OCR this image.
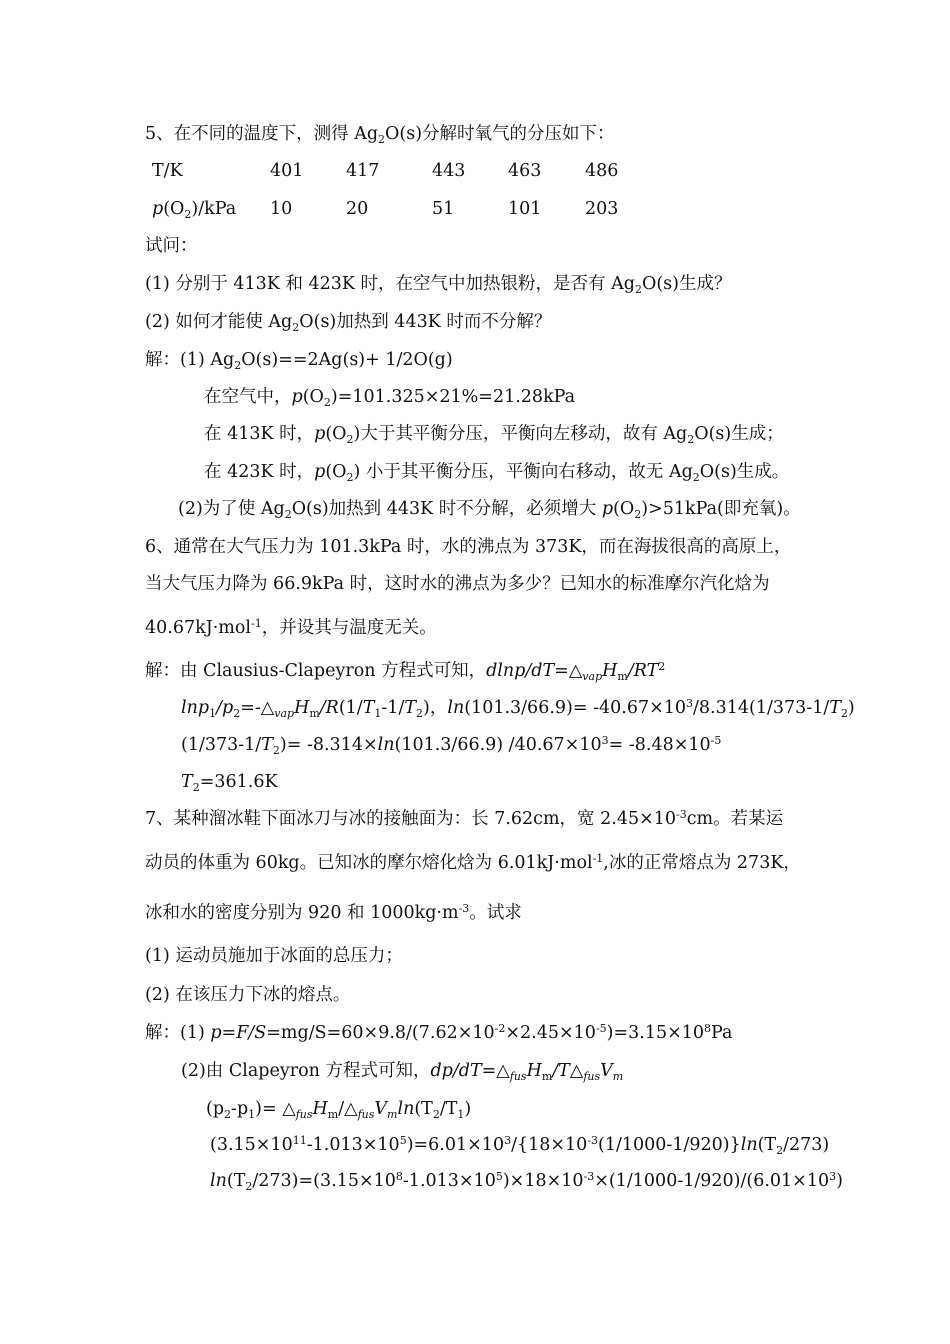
5、在不同的温度下，测得 $Ag_2O(s)$分解时氧气的分压如下：
T/K	401 417	443 463 486
$p(O_2)$/kPa 10	20	51	101 203
试问：
(1) 分别于 413K 和 423K 时，在空气中加热银粉，是否有 $Ag_2O(s)$生成？
(2) 如何才能使 $Ag_2O(s)$加热到 443K 时而不分解？
解：(1) $Ag_2O(s)==2Ag(s)+ 1/2O(g)$
在空气中，$p(O_2)=101.325\times 21\%=21.28kPa$
在 413K 时，$p(O_2)$大于其平衡分压，平衡向左移动，故有 $Ag_2O(s)$生成；
在 423K 时，$p(O_2)$ 小于其平衡分压，平衡向右移动，故无 $Ag_2O(s)$生成。
(2)为了使 $Ag_2O(s)$加热到 443K 时不分解，必须增大 $p(O_2)>51kPa$(即充氧)。
6、通常在大气压力为 101.3kPa 时，水的沸点为 373K，而在海拔很高的高原上，
当大气压力降为 66.9kPa 时，这时水的沸点为多少？已知水的标准摩尔汽化焓为
40.67kJ·mol$^{-1}$，并设其与温度无关。
解：由 Clausius-Clapeyron 方程式可知，dlnp/$dT=\triangle_{vap}H_m/RT^2$
$\ln p_1/p_2=-\triangle_{vap}H_m/R(1/T_1-1/T_2)$，$\ln(101.3/66.9)= -40.67\times 10^3/8.314(1/373-1/T_2)$
$(1/373-1/T_2)= -8.314\times\ln(101.3/66.9)$ $/40.67\times 10^3= -8.48\times 10^{-5}$
$T_2=361.6K$
7、某种溜冰鞋下面冰刀与冰的接触面为：长 7.62cm，宽 $2.45\times 10^{-3}cm$。若某运
动员的体重为 60kg。已知冰的摩尔熔化焓为 6.01kJ·mol$^{-1}$,冰的正常熔点为 273K，
冰和水的密度分别为 920 和 $1000kg\cdot m^{-3}$。试求
(1) 运动员施加于冰面的总压力；
(2) 在该压力下冰的熔点。
解：(1) $p=F/S=mg/S=60\times 9.8/(7.62\times 10^{-2}\times 2.45\times 10^{-5})=3.15\times 10^8Pa$
(2)由 Clapeyron 方程式可知，$dp/dT=\triangle_{fus}H_m/T\triangle_{fus}V_m$
$(p_2-p_1)=$ $\triangle_{fus}H_m/\triangle_{fus}V_m\ln(T_2/T_1)$
$(3.15\times 10^{11}-1.013\times 10^5)=6.01\times 10^3/\{18\times 10^{-3}(1/1000-1/920)\}\ln(T_2/273)$
$\ln(T_2/273)=(3.15\times 10^8-1.013\times 10^5)\times 18\times 10^{-3}\times(1/1000-1/920)/(6.01\times 10^3)$
